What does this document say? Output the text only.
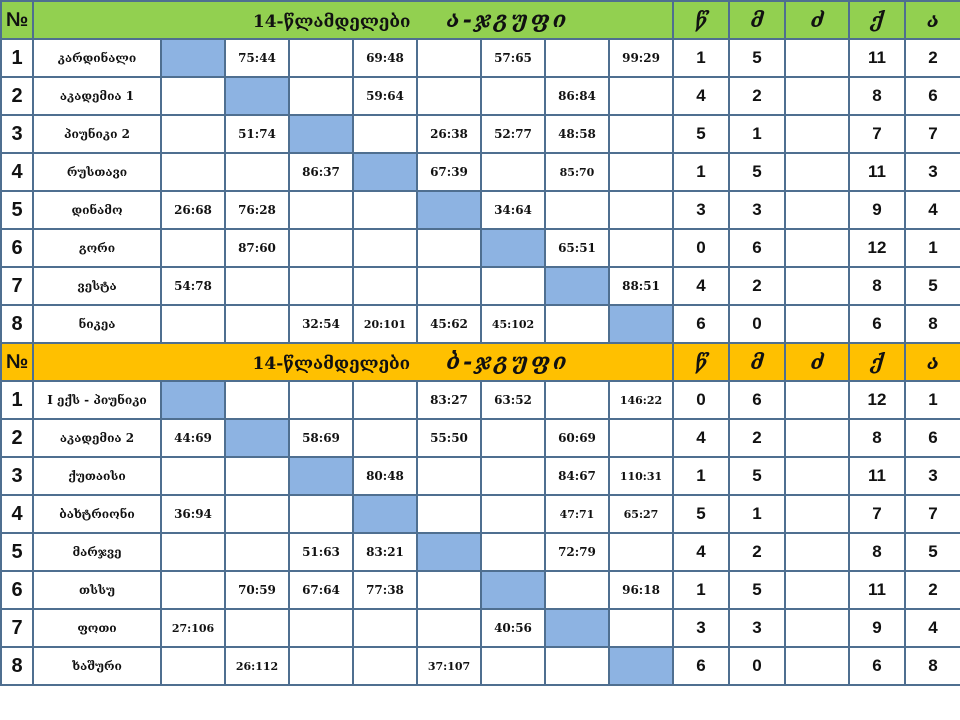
№	14-წლამდელები ა-ჯგუფი									წ	მ	ძ	ქ	ა
1	კარდინალი		75:44		69:48		57:65		99:29	1	5		11	2
2	აკადემია 1				59:64			86:84		4	2		8	6
3	პიუნიკი 2		51:74			26:38	52:77	48:58		5	1		7	7
4	რუსთავი			86:37		67:39		85:70		1	5		11	3
5	დინამო	26:68	76:28				34:64			3	3		9	4
6	გორი		87:60					65:51		0	6		12	1
7	ვესტა	54:78							88:51	4	2		8	5
8	ნიკეა			32:54	20:101	45:62	45:102			6	0		6	8
№	14-წლამდელები ბ-ჯგუფი									წ	მ	ძ	ქ	ა
1	I ექს - პიუნიკი					83:27	63:52		146:22	0	6		12	1
2	აკადემია 2	44:69		58:69		55:50		60:69		4	2		8	6
3	ქუთაისი				80:48			84:67	110:31	1	5		11	3
4	ბახტრიონი	36:94						47:71	65:27	5	1		7	7
5	მარჯვე			51:63	83:21			72:79		4	2		8	5
6	თსსუ		70:59	67:64	77:38				96:18	1	5		11	2
7	ფოთი	27:106					40:56			3	3		9	4
8	ხაშური		26:112			37:107				6	0		6	8
